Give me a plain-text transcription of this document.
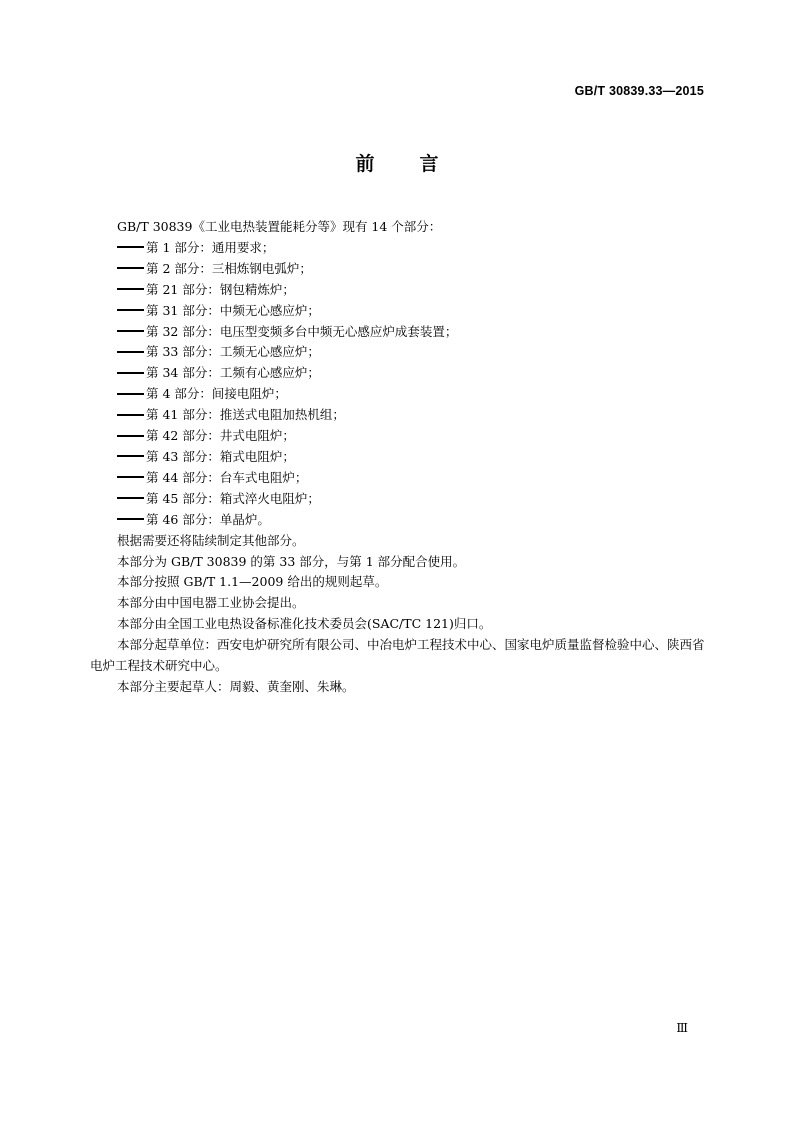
GB/T 30839.33—2015
前言

GB/T 30839《工业电热装置能耗分等》现有 14 个部分：

第 1 部分：通用要求；
第 2 部分：三相炼钢电弧炉；
第 21 部分：钢包精炼炉；
第 31 部分：中频无心感应炉；
第 32 部分：电压型变频多台中频无心感应炉成套装置；
第 33 部分：工频无心感应炉；
第 34 部分：工频有心感应炉；
第 4 部分：间接电阻炉；
第 41 部分：推送式电阻加热机组；
第 42 部分：井式电阻炉；
第 43 部分：箱式电阻炉；
第 44 部分：台车式电阻炉；
第 45 部分：箱式淬火电阻炉；
第 46 部分：单晶炉。

根据需要还将陆续制定其他部分。

本部分为 GB/T 30839 的第 33 部分，与第 1 部分配合使用。

本部分按照 GB/T 1.1—2009 给出的规则起草。

本部分由中国电器工业协会提出。

本部分由全国工业电热设备标准化技术委员会(SAC/TC 121)归口。

本部分起草单位：西安电炉研究所有限公司、中冶电炉工程技术中心、国家电炉质量监督检验中心、陕西省电炉工程技术研究中心。

本部分主要起草人：周毅、黄奎刚、朱琳。

Ⅲ
